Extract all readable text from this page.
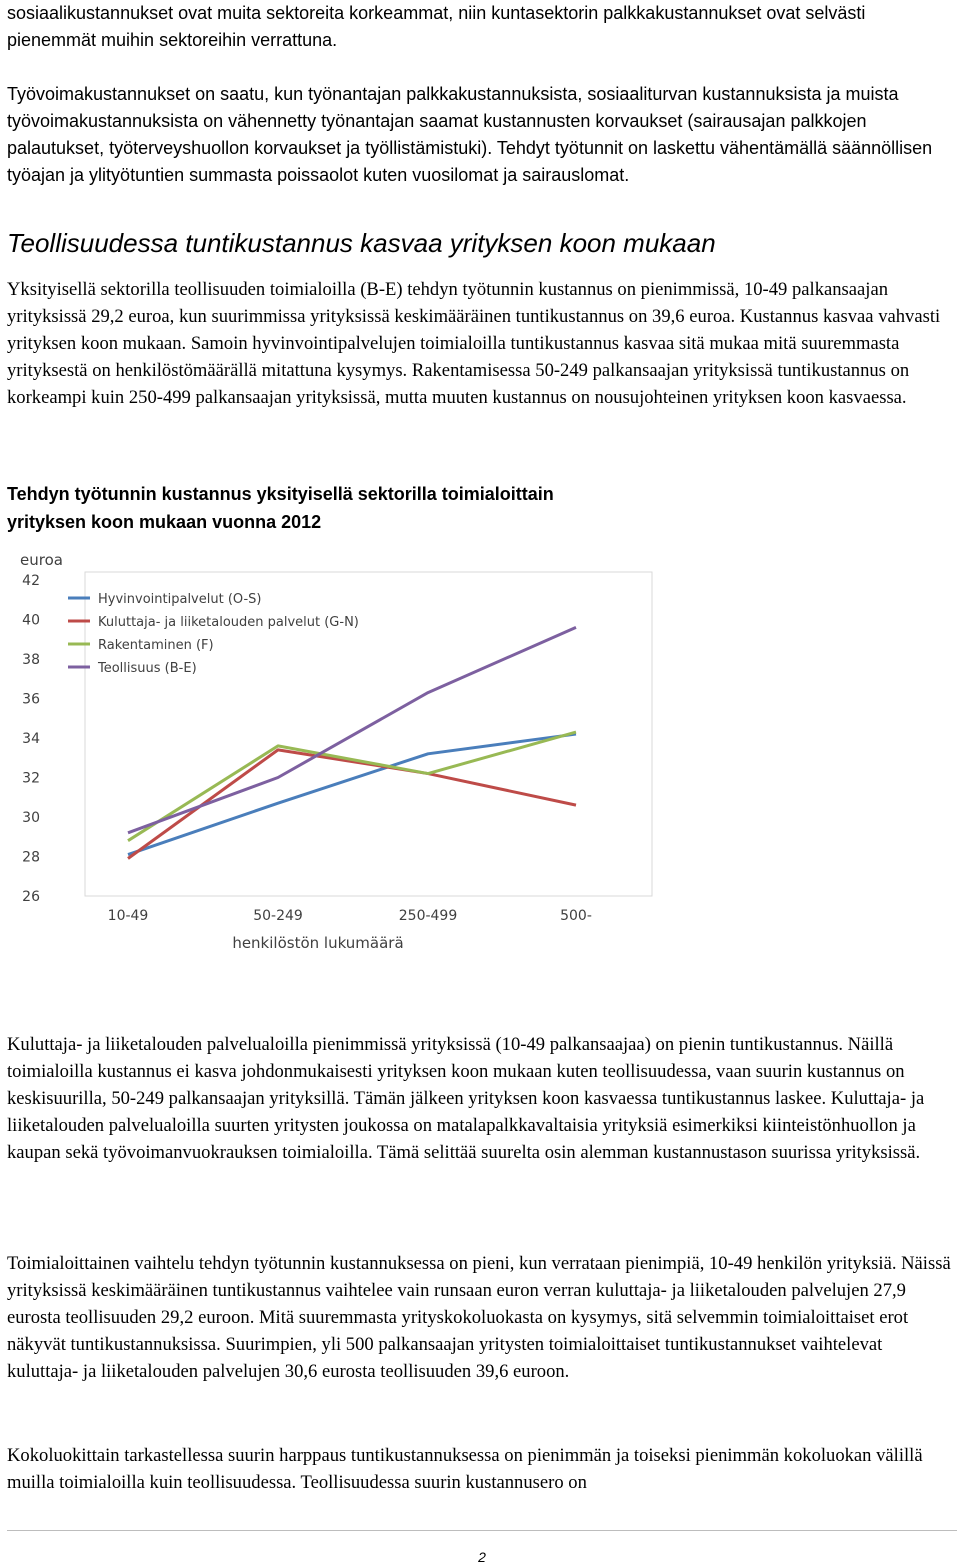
sosiaalikustannukset ovat muita sektoreita korkeammat, niin kuntasektorin palkkakustannukset ovat selvästi pienemmät muihin sektoreihin verrattuna.

Työvoimakustannukset on saatu, kun työnantajan palkkakustannuksista, sosiaaliturvan kustannuksista ja muista työvoimakustannuksista on vähennetty työnantajan saamat kustannusten korvaukset (sairausajan palkkojen palautukset, työterveyshuollon korvaukset ja työllistämistuki). Tehdyt työtunnit on laskettu vähentämällä säännöllisen työajan ja ylityötuntien summasta poissaolot kuten vuosilomat ja sairauslomat.

Teollisuudessa tuntikustannus kasvaa yrityksen koon mukaan

Yksityisellä sektorilla teollisuuden toimialoilla (B-E) tehdyn työtunnin kustannus on pienimmissä, 10-49 palkansaajan yrityksissä 29,2 euroa, kun suurimmissa yrityksissä keskimääräinen tuntikustannus on 39,6 euroa. Kustannus kasvaa vahvasti yrityksen koon mukaan. Samoin hyvinvointipalvelujen toimialoilla tuntikustannus kasvaa sitä mukaa mitä suuremmasta yrityksestä on henkilöstömäärällä mitattuna kysymys. Rakentamisessa 50-249 palkansaajan yrityksissä tuntikustannus on korkeampi kuin 250-499 palkansaajan yrityksissä, mutta muuten kustannus on nousujohteinen yrityksen koon kasvaessa.

Tehdyn työtunnin kustannus yksityisellä sektorilla toimialoittain
yrityksen koon mukaan vuonna 2012
euroa
42
40
38
36
34
32
30
28
26
10-49	50-249	250-499	500-
henkilöstön lukumäärä
Hyvinvointipalvelut (O-S)
Kuluttaja- ja liiketalouden palvelut (G-N)
Rakentaminen (F)
Teollisuus (B-E)

Kuluttaja- ja liiketalouden palvelualoilla pienimmissä yrityksissä (10-49 palkansaajaa) on pienin tuntikustannus. Näillä toimialoilla kustannus ei kasva johdonmukaisesti yrityksen koon mukaan kuten teollisuudessa, vaan suurin kustannus on keskisuurilla, 50-249 palkansaajan yrityksillä. Tämän jälkeen yrityksen koon kasvaessa tuntikustannus laskee. Kuluttaja- ja liiketalouden palvelualoilla suurten yritysten joukossa on matalapalkkavaltaisia yrityksiä esimerkiksi kiinteistönhuollon ja kaupan sekä työvoimanvuokrauksen toimialoilla. Tämä selittää suurelta osin alemman kustannustason suurissa yrityksissä.

Toimialoittainen vaihtelu tehdyn työtunnin kustannuksessa on pieni, kun verrataan pienimpiä, 10-49 henkilön yrityksiä. Näissä yrityksissä keskimääräinen tuntikustannus vaihtelee vain runsaan euron verran kuluttaja- ja liiketalouden palvelujen 27,9 eurosta teollisuuden 29,2 euroon. Mitä suuremmasta yrityskokoluokasta on kysymys, sitä selvemmin toimialoittaiset erot näkyvät tuntikustannuksissa. Suurimpien, yli 500 palkansaajan yritysten toimialoittaiset tuntikustannukset vaihtelevat kuluttaja- ja liiketalouden palvelujen 30,6 eurosta teollisuuden 39,6 euroon.

Kokoluokittain tarkastellessa suurin harppaus tuntikustannuksessa on pienimmän ja toiseksi pienimmän kokoluokan välillä muilla toimialoilla kuin teollisuudessa. Teollisuudessa suurin kustannusero on

2
